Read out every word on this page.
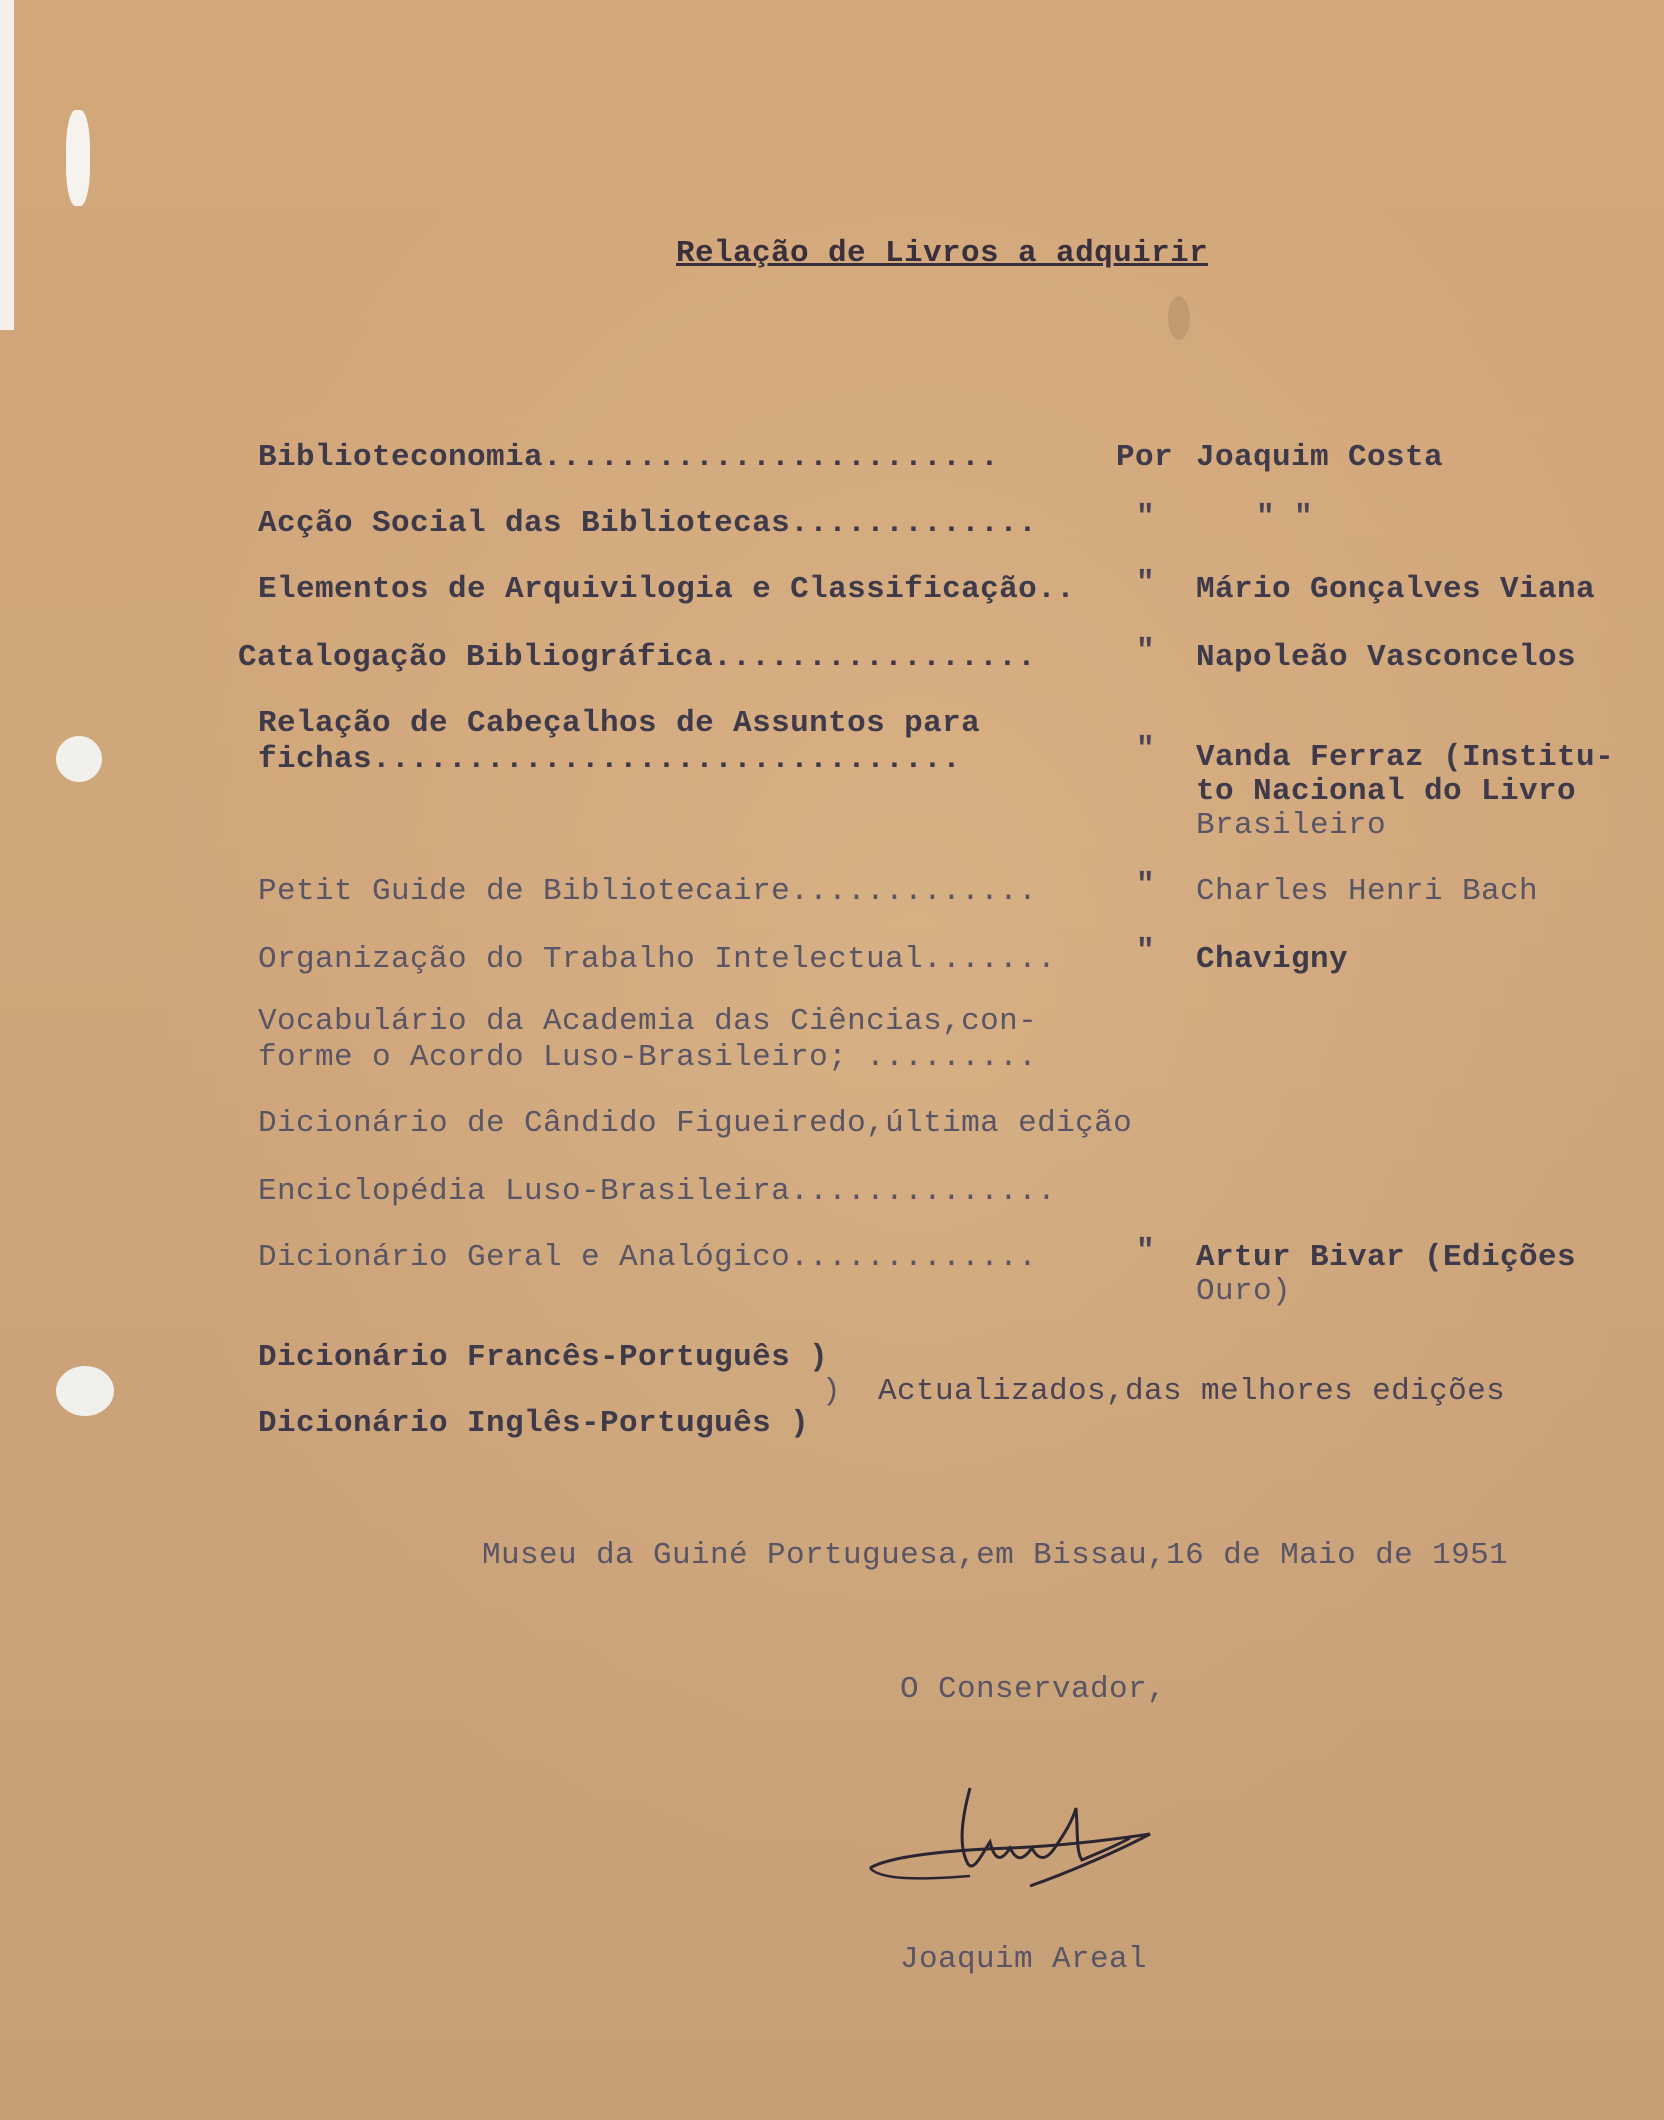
Relação de Livros a adquirir
Biblioteconomia........................	Por Joaquim Costa
Acção Social das Bibliotecas.............	"	" "
Elementos de Arquivilogia e Classificação.. " Mário Gonçalves Viana
Catalogação Bibliográfica.................	" Napoleão Vasconcelos
Relação de Cabeçalhos de Assuntos para
fichas...............................	" Vanda Ferraz (Institu-
to Nacional do Livro
Brasileiro
Petit Guide de Bibliotecaire.............	" Charles Henri Bach
Organização do Trabalho Intelectual.......	" Chavigny
Vocabulário da Academia das Ciências,con-
forme o Acordo Luso-Brasileiro; .........
Dicionário de Cândido Figueiredo,última edição
Enciclopédia Luso-Brasileira..............
Dicionário Geral e Analógico.............	" Artur Bivar (Edições
Ouro)
Dicionário Francês-Português )
)
Dicionário Inglês-Português )
Actualizados,das melhores edições
Museu da Guiné Portuguesa,em Bissau,16 de Maio de 1951
O Conservador,
Joaquim Areal
